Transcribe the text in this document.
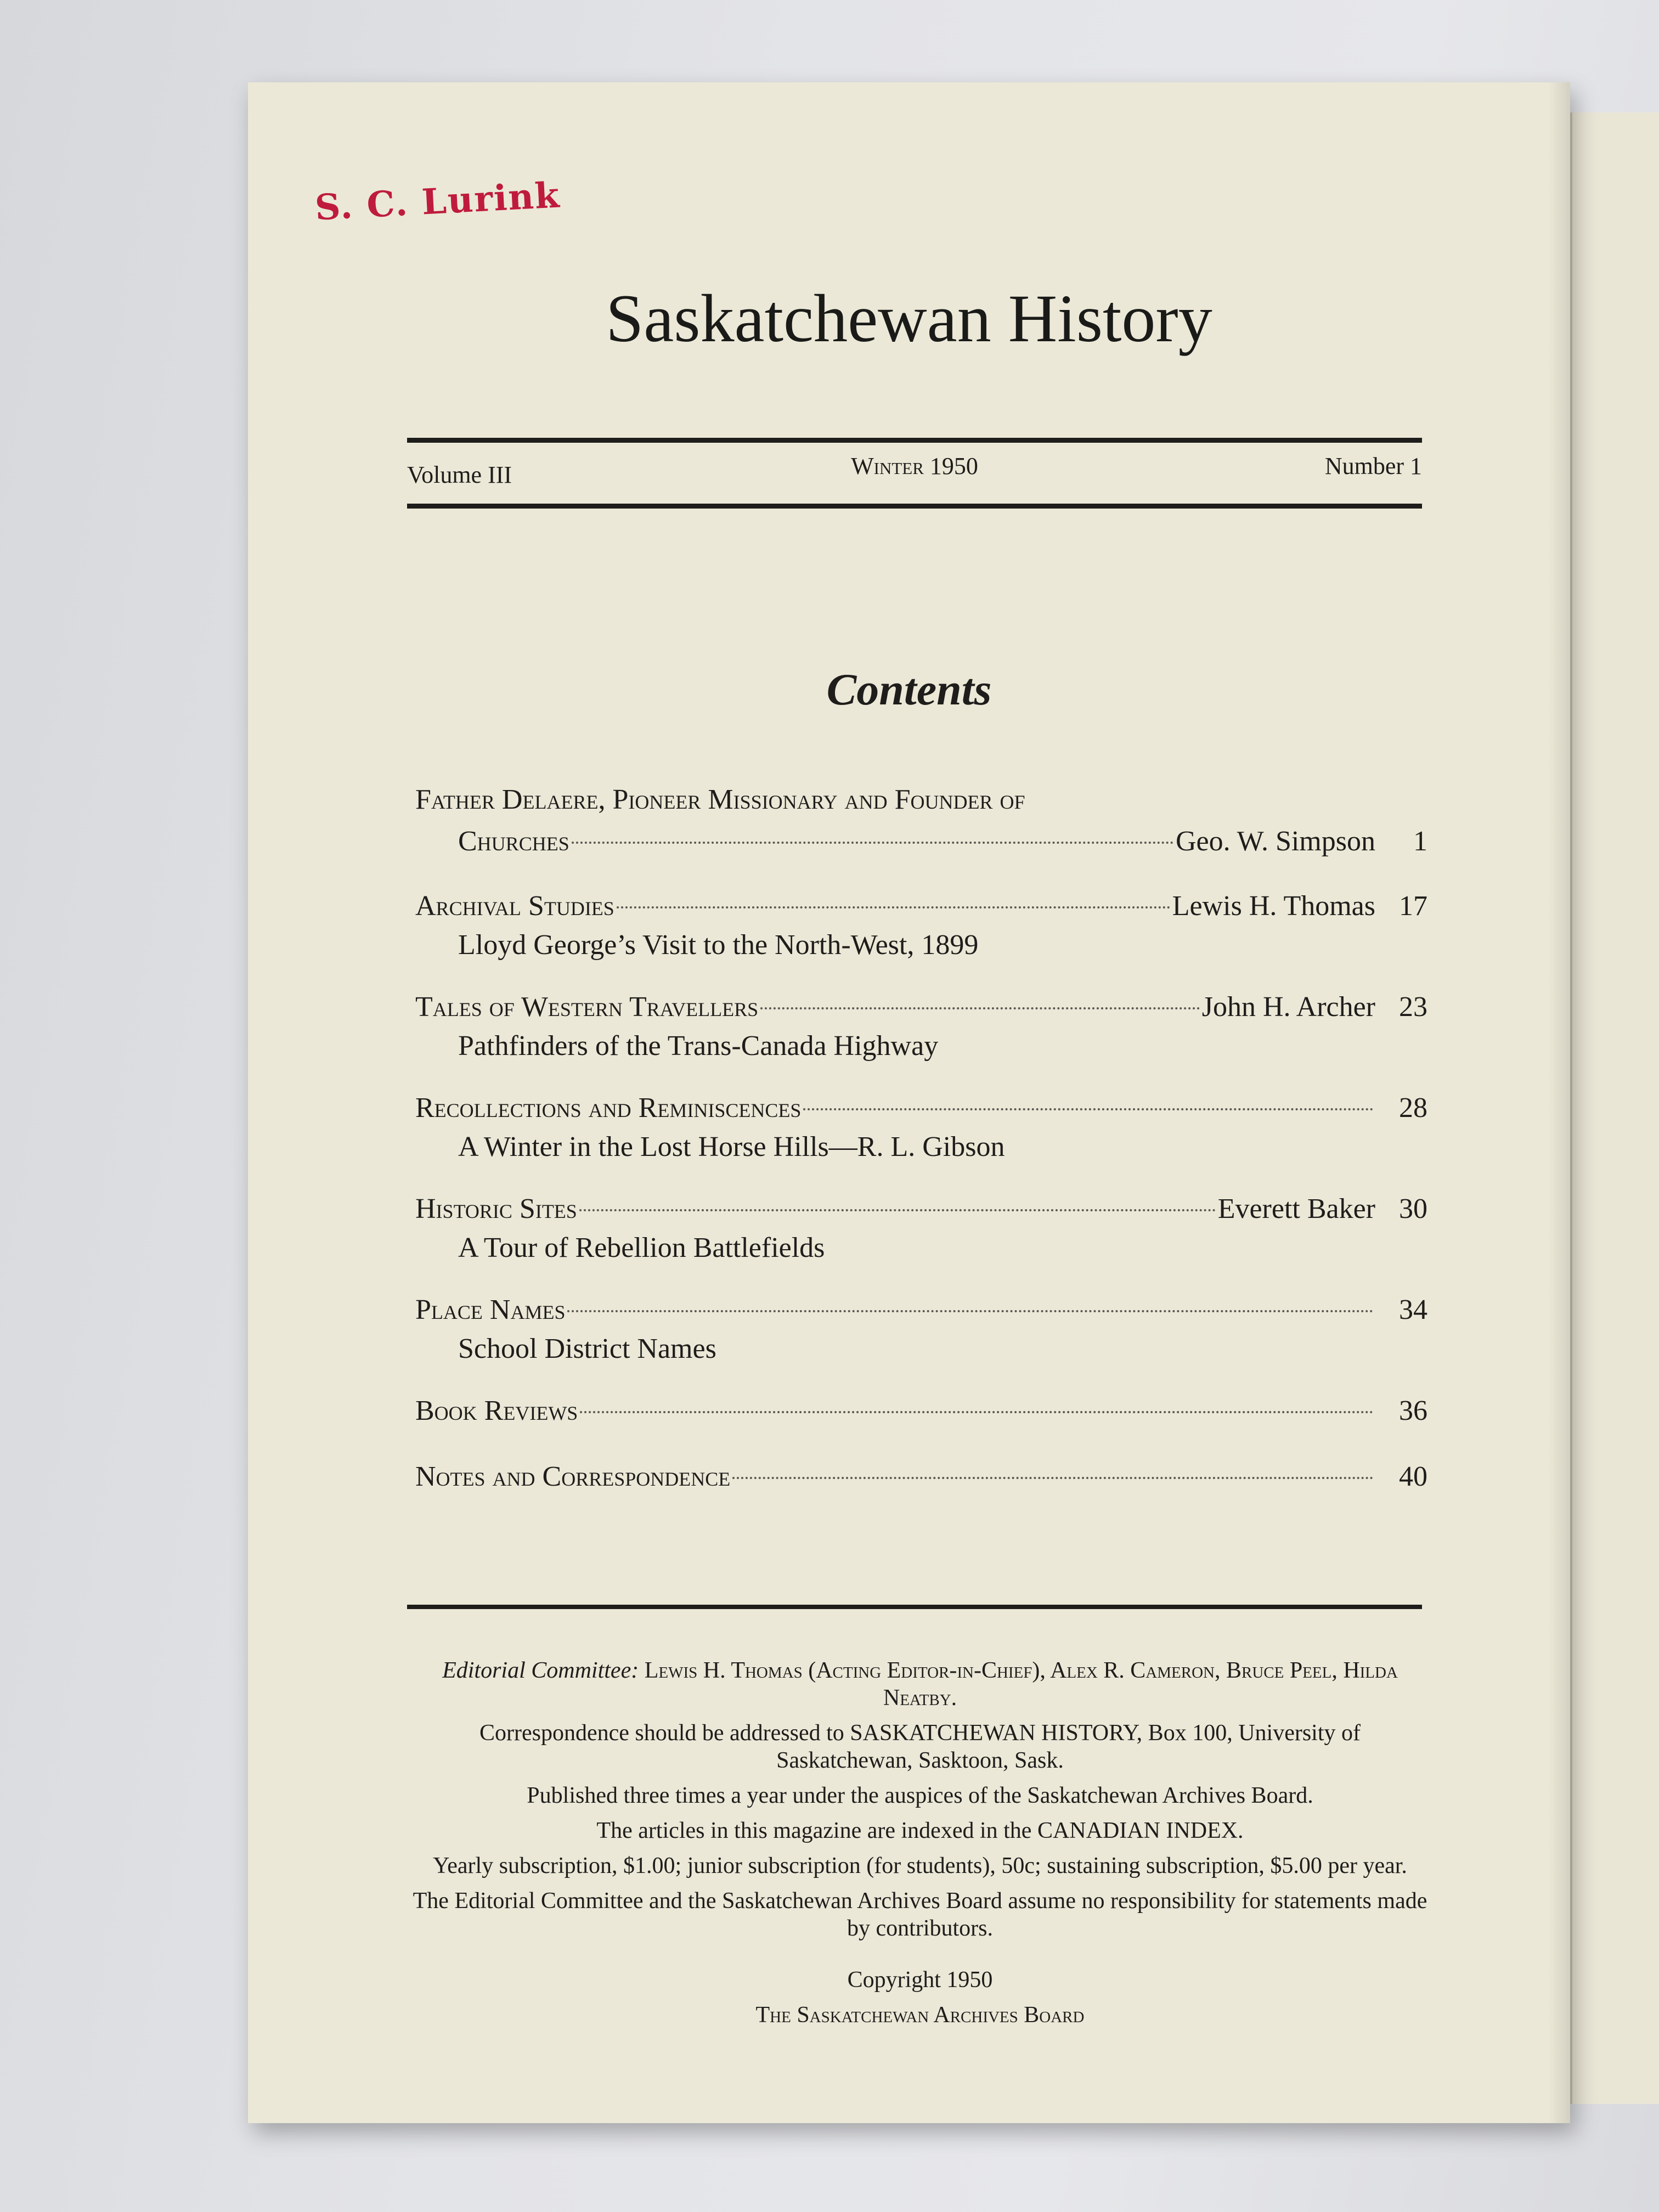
S. C. Lurink
Saskatchewan History
Volume III	Winter 1950	Number 1
Contents
Father Delaere, Pioneer Missionary and Founder of
Churches	Geo. W. Simpson	1
Archival Studies	Lewis H. Thomas 17
Lloyd George’s Visit to the North-West, 1899
Tales of Western Travellers	John H. Archer 23
Pathfinders of the Trans-Canada Highway
Recollections and Reminiscences	28
A Winter in the Lost Horse Hills—R. L. Gibson
Historic Sites	Everett Baker 30
A Tour of Rebellion Battlefields
Place Names	34
School District Names
Book Reviews	36
Notes and Correspondence	40

Editorial Committee: Lewis H. Thomas (Acting Editor-in-Chief), Alex R. Cameron, Bruce Peel, Hilda Neatby.

Correspondence should be addressed to SASKATCHEWAN HISTORY, Box 100, University of Saskatchewan, Sasktoon, Sask.

Published three times a year under the auspices of the Saskatchewan Archives Board.

The articles in this magazine are indexed in the CANADIAN INDEX.

Yearly subscription, $1.00; junior subscription (for students), 50c; sustaining subscription, $5.00 per year.

The Editorial Committee and the Saskatchewan Archives Board assume no responsibility for statements made by contributors.

Copyright 1950

The Saskatchewan Archives Board
